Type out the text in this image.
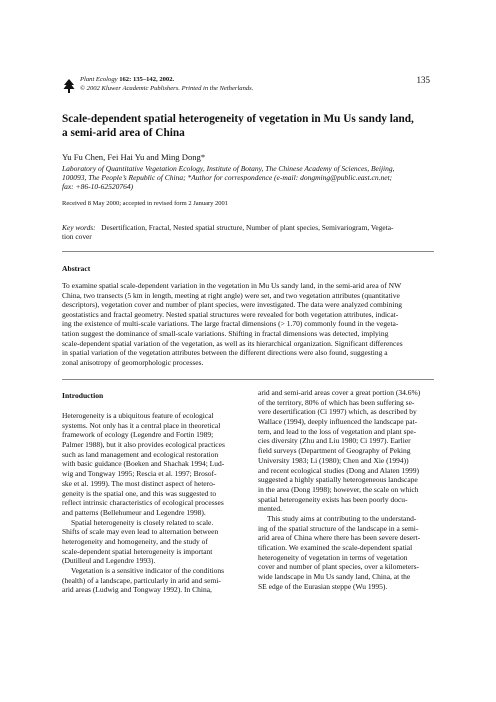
Plant Ecology 162: 135–142, 2002.
© 2002 Kluwer Academic Publishers. Printed in the Netherlands.
135
Scale-dependent spatial heterogeneity of vegetation in Mu Us sandy land,
a semi-arid area of China
Yu Fu Chen, Fei Hai Yu and Ming Dong*
Laboratory of Quantitative Vegetation Ecology, Institute of Botany, The Chinese Academy of Sciences, Beijing,
100093, The People’s Republic of China; *Author for correspondence (e-mail: dongming@public.east.cn.net;
fax: +86-10-62520764)
Received 8 May 2000; accepted in revised form 2 January 2001
Key words: Desertification, Fractal, Nested spatial structure, Number of plant species, Semivariogram, Vegeta-
tion cover
Abstract
To examine spatial scale-dependent variation in the vegetation in Mu Us sandy land, in the semi-arid area of NW
China, two transects (5 km in length, meeting at right angle) were set, and two vegetation attributes (quantitative
descriptors), vegetation cover and number of plant species, were investigated. The data were analyzed combining
geostatistics and fractal geometry. Nested spatial structures were revealed for both vegetation attributes, indicat-
ing the existence of multi-scale variations. The large fractal dimensions (> 1.70) commonly found in the vegeta-
tation suggest the dominance of small-scale variations. Shifting in fractal dimensions was detected, implying
scale-dependent spatial variation of the vegetation, as well as its hierarchical organization. Significant differences
in spatial variation of the vegetation attributes between the different directions were also found, suggesting a
zonal anisotropy of geomorphologic processes.
Introduction

Heterogeneity is a ubiquitous feature of ecological

systems. Not only has it a central place in theoretical

framework of ecology (Legendre and Fortin 1989;

Palmer 1988), but it also provides ecological practices

such as land management and ecological restoration

with basic guidance (Boeken and Shachak 1994; Lud-

wig and Tongway 1995; Rescia et al. 1997; Brosof-

ske et al. 1999). The most distinct aspect of hetero-

geneity is the spatial one, and this was suggested to

reflect intrinsic characteristics of ecological processes

and patterns (Bellehumeur and Legendre 1998).

Spatial heterogeneity is closely related to scale.

Shifts of scale may even lead to alternation between

heterogeneity and homogeneity, and the study of

scale-dependent spatial heterogeneity is important

(Dutilleul and Legendre 1993).

Vegetation is a sensitive indicator of the conditions

(health) of a landscape, particularly in arid and semi-

arid areas (Ludwig and Tongway 1992). In China,

arid and semi-arid areas cover a great portion (34.6%)

of the territory, 80% of which has been suffering se-

vere desertification (Ci 1997) which, as described by

Wallace (1994), deeply influenced the landscape pat-

tern, and lead to the loss of vegetation and plant spe-

cies diversity (Zhu and Liu 1980; Ci 1997). Earlier

field surveys (Department of Geography of Peking

University 1983; Li (1980); Chen and Xie (1994))

and recent ecological studies (Dong and Alaten 1999)

suggested a highly spatially heterogeneous landscape

in the area (Dong 1998); however, the scale on which

spatial heterogeneity exists has been poorly docu-

mented.

This study aims at contributing to the understand-

ing of the spatial structure of the landscape in a semi-

arid area of China where there has been severe desert-

tification. We examined the scale-dependent spatial

heterogeneity of vegetation in terms of vegetation

cover and number of plant species, over a kilometers-

wide landscape in Mu Us sandy land, China, at the

SE edge of the Eurasian steppe (Wu 1995).
